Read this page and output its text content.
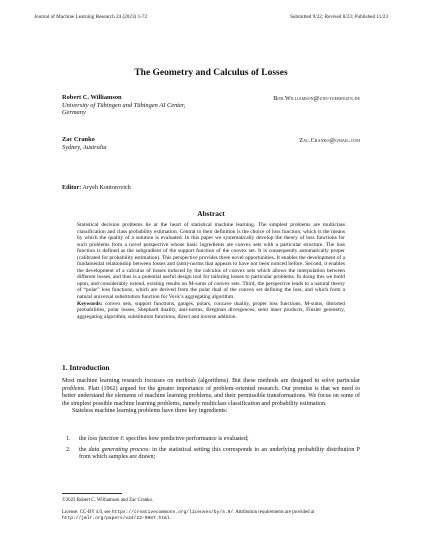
Journal of Machine Learning Research 24 (2023) 1-72	Submitted 9/22; Revised 8/23; Published 11/23
The Geometry and Calculus of Losses
Robert C. Williamson
University of Tübingen and Tübingen AI Center,
Germany
Bob.Williamson@uni-tuebingen.de
Zac Cranko
Sydney, Australia
Zac.Cranko@gmail.com
Editor: Aryeh Kontorovich
Abstract
Statistical decision problems lie at the heart of statistical machine learning. The simplest problems are multiclass classification and class probability estimation. Central to their definition is the choice of loss function, which is the means by which the quality of a solution is evaluated. In this paper we systematically develop the theory of loss functions for such problems from a novel perspective whose basic ingredients are convex sets with a particular structure. The loss function is defined as the subgradient of the support function of the convex set. It is consequently automatically proper (calibrated for probability estimation). This perspective provides three novel opportunities. It enables the development of a fundamental relationship between losses and (anti)-norms that appears to have not been noticed before. Second, it enables the development of a calculus of losses induced by the calculus of convex sets which allows the interpolation between different losses, and thus is a potential useful design tool for tailoring losses to particular problems. In doing this we build upon, and considerably extend, existing results on M-sums of convex sets. Third, the perspective leads to a natural theory of “polar” loss functions, which are derived from the polar dual of the convex set defining the loss, and which form a natural universal substitution function for Vovk’s aggregating algorithm.
Keywords: convex sets, support functions, gauges, polars, concave duality, proper loss functions, M-sums, distorted probabilities, polar losses, Shephard duality, anti-norms, Bregman divergences, semi inner products, Finsler geometry, aggregating algorithm, substitution functions, direct and inverse addition.
1. Introduction

Most machine learning research focusses on methods (algorithms). But these methods are designed to solve particular problems. Platt (1962) argued for the greater importance of problem-oriented research. Our premise is that we need to better understand the elements of machine learning problems, and their permissible transformations. We focus on some of the simplest possible machine learning problems, namely multiclass classification and probability estimation.

Stateless machine learning problems have three key ingredients:

1.	the loss function ℓ: specifies how predictive performance is evaluated;
2.	the data generating process: in the statistical setting this corresponds to an underlying probability distribution P from which samples are drawn;
©2023 Robert C. Williamson and Zac Cranko.
License: CC-BY 4.0, see https://creativecommons.org/licenses/by/4.0/. Attribution requirements are provided at
http://jmlr.org/papers/v24/22-0987.html.
